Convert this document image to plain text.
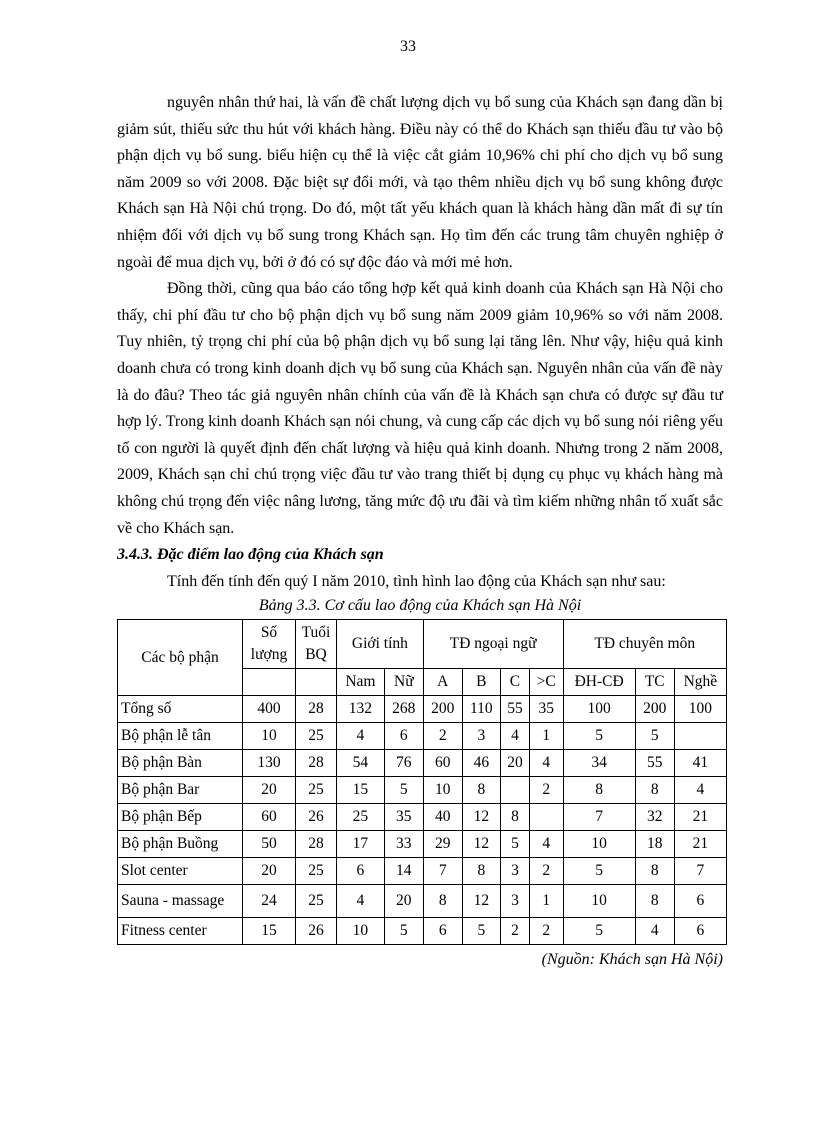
33

nguyên nhân thứ hai, là vấn đề chất lượng dịch vụ bổ sung của Khách sạn đang dần bị giảm sút, thiếu sức thu hút với khách hàng. Điều này có thể do Khách sạn thiếu đầu tư vào bộ phận dịch vụ bổ sung. biểu hiện cụ thể là việc cắt giảm 10,96% chi phí cho dịch vụ bổ sung năm 2009 so với 2008. Đặc biệt sự đổi mới, và tạo thêm nhiều dịch vụ bổ sung không được Khách sạn Hà Nội chú trọng. Do đó, một tất yếu khách quan là khách hàng dần mất đi sự tín nhiệm đối với dịch vụ bổ sung trong Khách sạn. Họ tìm đến các trung tâm chuyên nghiệp ở ngoài để mua dịch vụ, bởi ở đó có sự độc đáo và mới mẻ hơn.

Đồng thời, cũng qua báo cáo tổng hợp kết quả kinh doanh của Khách sạn Hà Nội cho thấy, chi phí đầu tư cho bộ phận dịch vụ bổ sung năm 2009 giảm 10,96% so với năm 2008. Tuy nhiên, tỷ trọng chi phí của bộ phận dịch vụ bổ sung lại tăng lên. Như vậy, hiệu quả kinh doanh chưa có trong kinh doanh dịch vụ bổ sung của Khách sạn. Nguyên nhân của vấn đề này là do đâu? Theo tác giả nguyên nhân chính của vấn đề là Khách sạn chưa có được sự đầu tư hợp lý. Trong kinh doanh Khách sạn nói chung, và cung cấp các dịch vụ bổ sung nói riêng yếu tố con người là quyết định đến chất lượng và hiệu quả kinh doanh. Nhưng trong 2 năm 2008, 2009, Khách sạn chỉ chú trọng việc đầu tư vào trang thiết bị dụng cụ phục vụ khách hàng mà không chú trọng đến việc nâng lương, tăng mức độ ưu đãi và tìm kiếm những nhân tố xuất sắc về cho Khách sạn.

3.4.3. Đặc điểm lao động của Khách sạn
Tính đến tính đến quý I năm 2010, tình hình lao động của Khách sạn như sau:
Bảng 3.3. Cơ cấu lao động của Khách sạn Hà Nội
Các bộ phận	Số lượng	Tuổi BQ	Giới tính		TĐ ngoại ngữ				TĐ chuyên môn		
			Nam	Nữ	A	B	C	>C	ĐH-CĐ	TC	Nghề
Tổng số	400	28	132	268	200	110	55	35	100	200	100
Bộ phận lễ tân	10	25	4	6	2	3	4	1	5	5	
Bộ phận Bàn	130	28	54	76	60	46	20	4	34	55	41
Bộ phận Bar	20	25	15	5	10	8		2	8	8	4
Bộ phận Bếp	60	26	25	35	40	12	8		7	32	21
Bộ phận Buồng	50	28	17	33	29	12	5	4	10	18	21
Slot center	20	25	6	14	7	8	3	2	5	8	7
Sauna - massage	24	25	4	20	8	12	3	1	10	8	6
Fitness center	15	26	10	5	6	5	2	2	5	4	6
(Nguồn: Khách sạn Hà Nội)
